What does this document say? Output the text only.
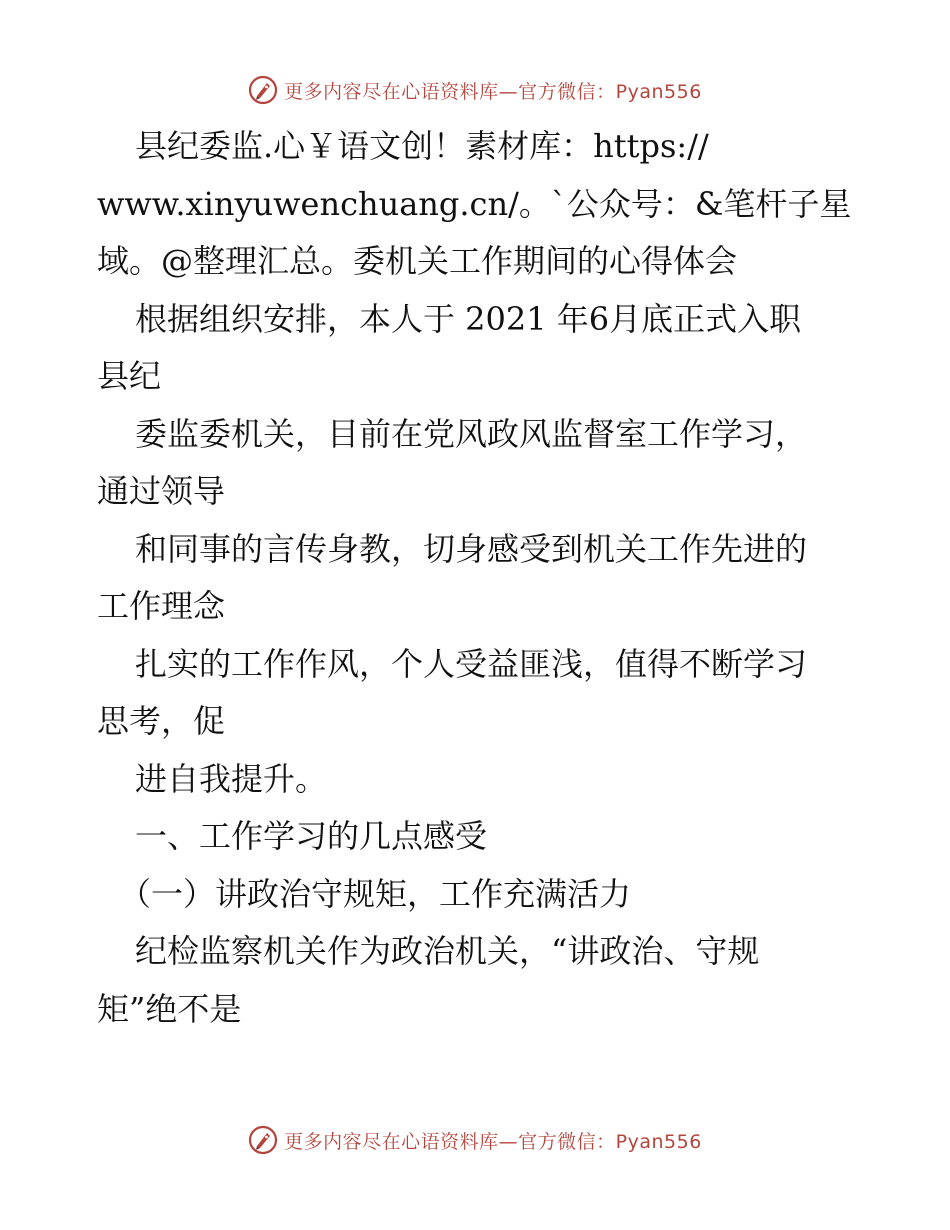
更多内容尽在心语资料库—官方微信：Pyan556
县纪委监.心￥语文创！素材库：https://
www.xinyuwenchuang.cn/。`公众号：&笔杆子星
域。@整理汇总。委机关工作期间的心得体会
根据组织安排，本人于 2021 年6月底正式入职
县纪
委监委机关，目前在党风政风监督室工作学习，
通过领导
和同事的言传身教，切身感受到机关工作先进的
工作理念
扎实的工作作风，个人受益匪浅，值得不断学习
思考，促
进自我提升。
一、工作学习的几点感受
（一）讲政治守规矩，工作充满活力
纪检监察机关作为政治机关，“讲政治、守规
矩”绝不是
更多内容尽在心语资料库—官方微信：Pyan556
